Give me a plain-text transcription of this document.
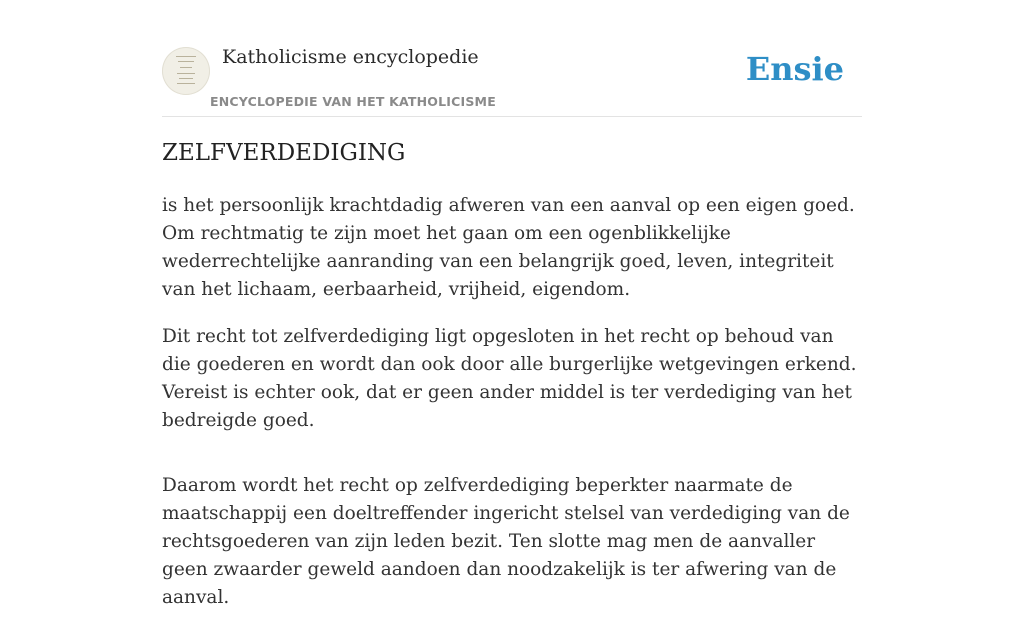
Katholicisme encyclopedie
ENCYCLOPEDIE VAN HET KATHOLICISME
Ensie
ZELFVERDEDIGING

is het persoonlijk krachtdadig afweren van een aanval op een eigen goed. Om rechtmatig te zijn moet het gaan om een ogenblikkelijke wederrechtelijke aanranding van een belangrijk goed, leven, integriteit van het lichaam, eerbaarheid, vrijheid, eigendom.

Dit recht tot zelfverdediging ligt opgesloten in het recht op behoud van die goederen en wordt dan ook door alle burgerlijke wetgevingen erkend. Vereist is echter ook, dat er geen ander middel is ter verdediging van het bedreigde goed.

Daarom wordt het recht op zelfverdediging beperkter naarmate de maatschappij een doeltreffender ingericht stelsel van verdediging van de rechtsgoederen van zijn leden bezit. Ten slotte mag men de aanvaller geen zwaarder geweld aandoen dan noodzakelijk is ter afwering van de aanval.
